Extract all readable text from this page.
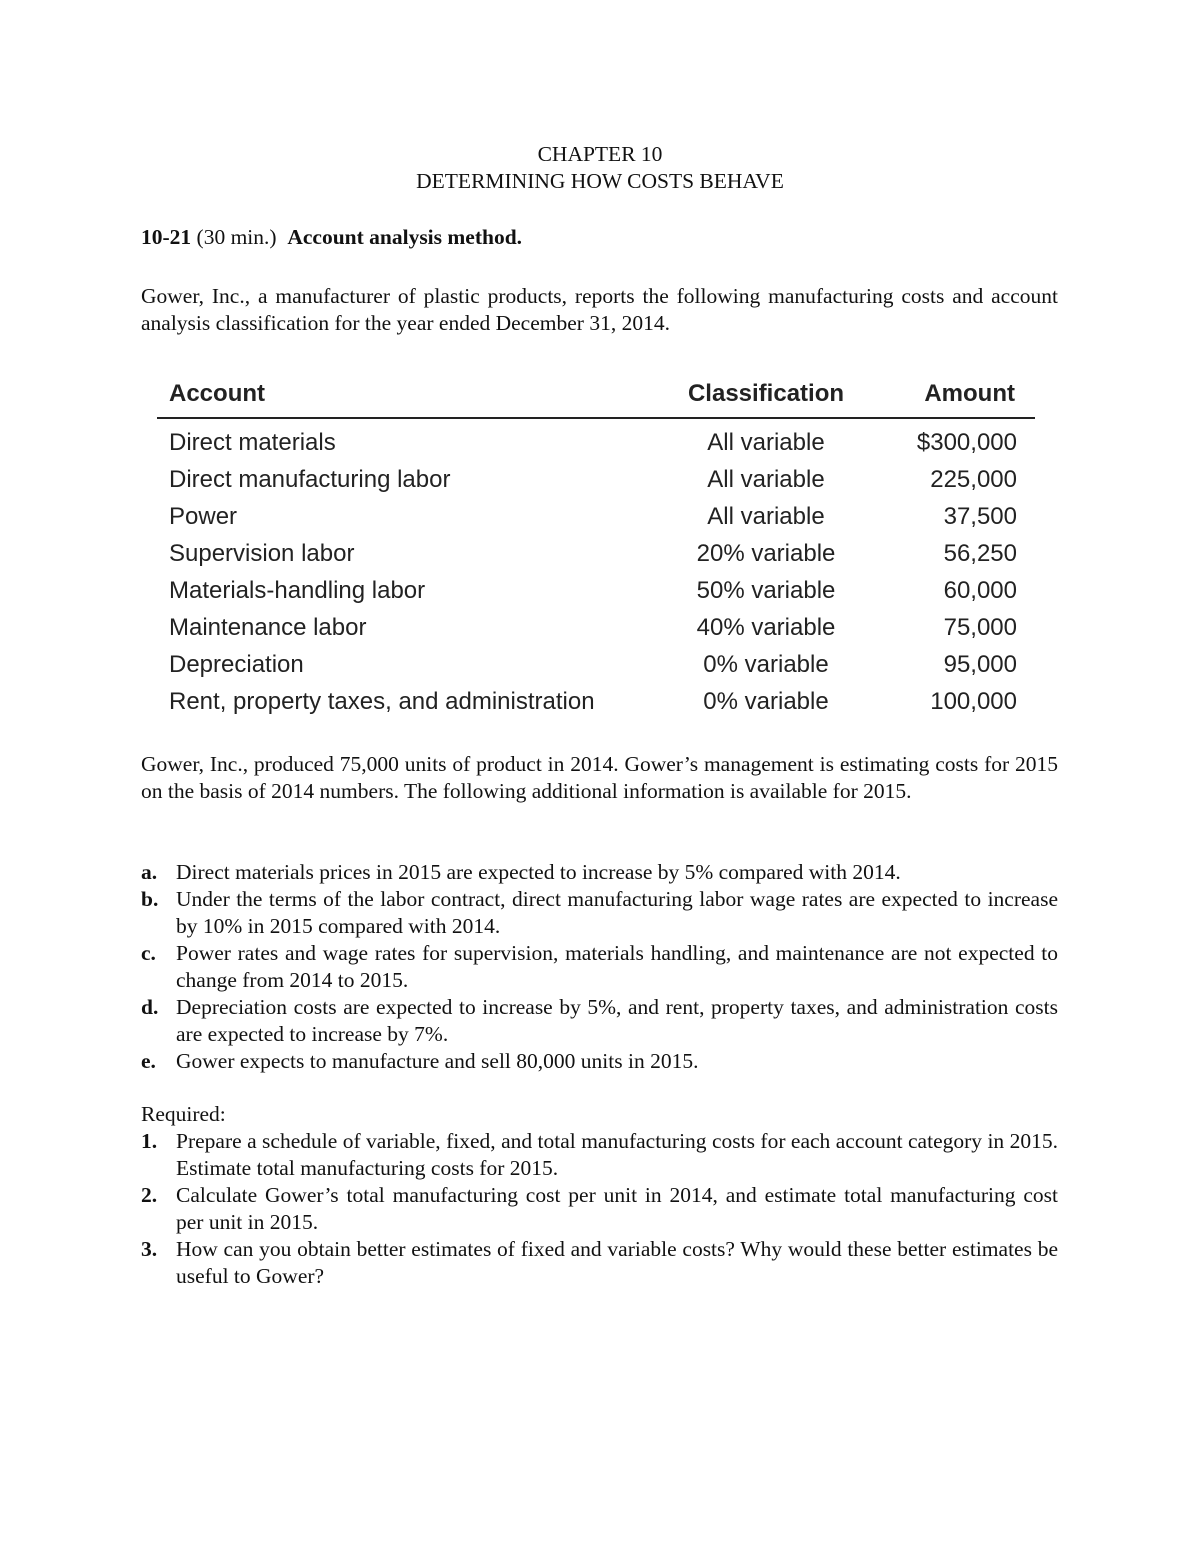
CHAPTER 10
DETERMINING HOW COSTS BEHAVE
10-21 (30 min.) Account analysis method.
Gower, Inc., a manufacturer of plastic products, reports the following manufacturing costs and account analysis classification for the year ended December 31, 2014.
Account	Classification	Amount
Direct materials	All variable	$300,000
Direct manufacturing labor	All variable	225,000
Power	All variable	37,500
Supervision labor	20% variable	56,250
Materials-handling labor	50% variable	60,000
Maintenance labor	40% variable	75,000
Depreciation	0% variable	95,000
Rent, property taxes, and administration	0% variable	100,000
Gower, Inc., produced 75,000 units of product in 2014. Gower’s management is estimating costs for 2015 on the basis of 2014 numbers. The following additional information is available for 2015.
a. Direct materials prices in 2015 are expected to increase by 5% compared with 2014.
b. Under the terms of the labor contract, direct manufacturing labor wage rates are expected to increase by 10% in 2015 compared with 2014.
c. Power rates and wage rates for supervision, materials handling, and maintenance are not expected to change from 2014 to 2015.
d. Depreciation costs are expected to increase by 5%, and rent, property taxes, and administration costs are expected to increase by 7%.
e. Gower expects to manufacture and sell 80,000 units in 2015.
Required:
1. Prepare a schedule of variable, fixed, and total manufacturing costs for each account category in 2015. Estimate total manufacturing costs for 2015.
2. Calculate Gower’s total manufacturing cost per unit in 2014, and estimate total manufacturing cost per unit in 2015.
3. How can you obtain better estimates of fixed and variable costs? Why would these better estimates be useful to Gower?
